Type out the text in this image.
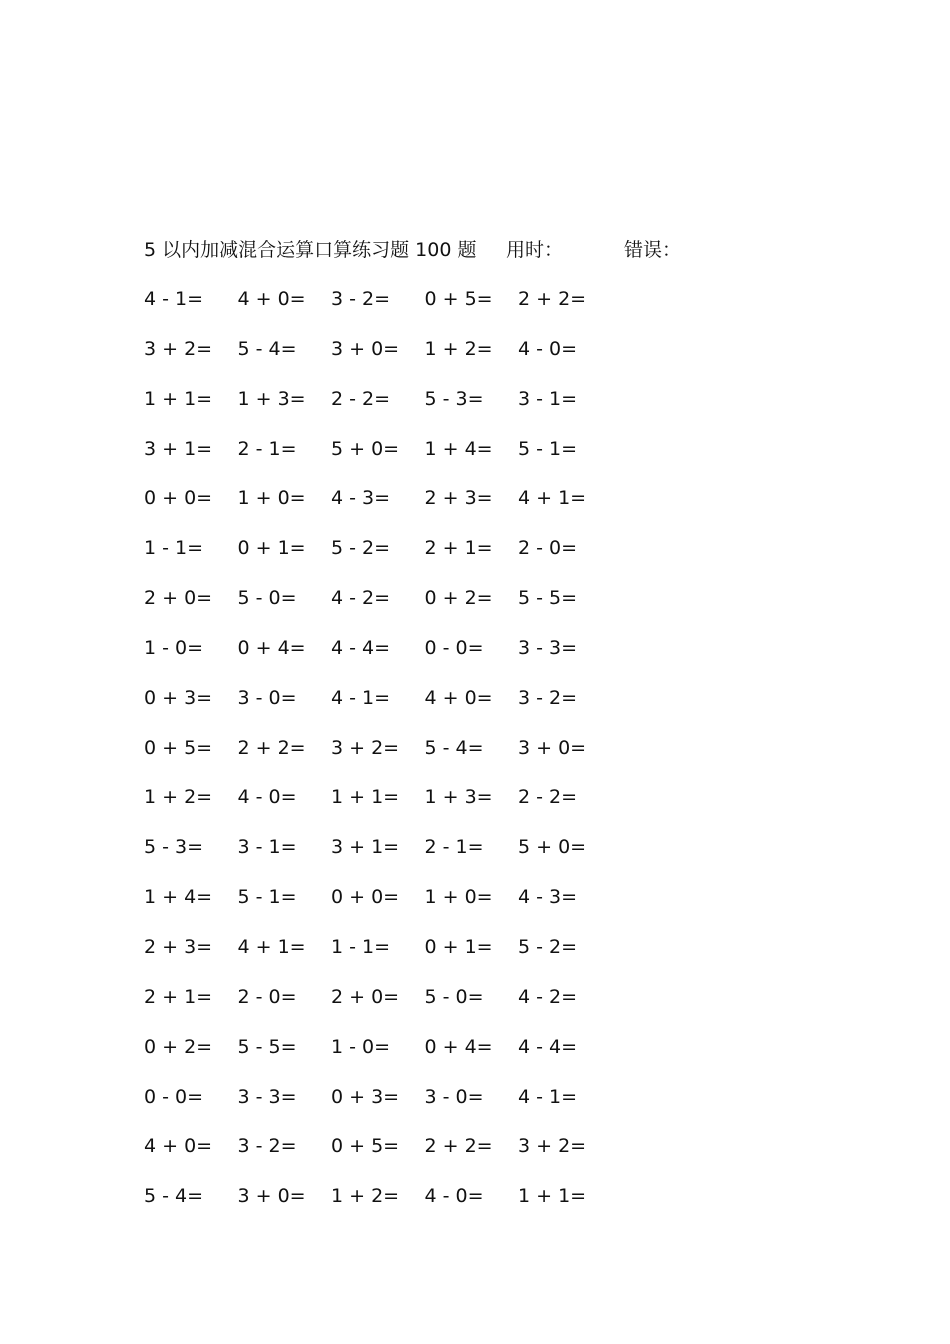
5 以内加减混合运算口算练习题 100 题 用时：	错误：
4 - 1= 4 + 0= 3 - 2= 0 + 5= 2 + 2=
3 + 2= 5 - 4= 3 + 0= 1 + 2= 4 - 0=
1 + 1= 1 + 3= 2 - 2= 5 - 3= 3 - 1=
3 + 1= 2 - 1= 5 + 0= 1 + 4= 5 - 1=
0 + 0= 1 + 0= 4 - 3= 2 + 3= 4 + 1=
1 - 1= 0 + 1= 5 - 2= 2 + 1= 2 - 0=
2 + 0= 5 - 0= 4 - 2= 0 + 2= 5 - 5=
1 - 0= 0 + 4= 4 - 4= 0 - 0= 3 - 3=
0 + 3= 3 - 0= 4 - 1= 4 + 0= 3 - 2=
0 + 5= 2 + 2= 3 + 2= 5 - 4= 3 + 0=
1 + 2= 4 - 0= 1 + 1= 1 + 3= 2 - 2=
5 - 3= 3 - 1= 3 + 1= 2 - 1= 5 + 0=
1 + 4= 5 - 1= 0 + 0= 1 + 0= 4 - 3=
2 + 3= 4 + 1= 1 - 1= 0 + 1= 5 - 2=
2 + 1= 2 - 0= 2 + 0= 5 - 0= 4 - 2=
0 + 2= 5 - 5= 1 - 0= 0 + 4= 4 - 4=
0 - 0= 3 - 3= 0 + 3= 3 - 0= 4 - 1=
4 + 0= 3 - 2= 0 + 5= 2 + 2= 3 + 2=
5 - 4= 3 + 0= 1 + 2= 4 - 0= 1 + 1=
